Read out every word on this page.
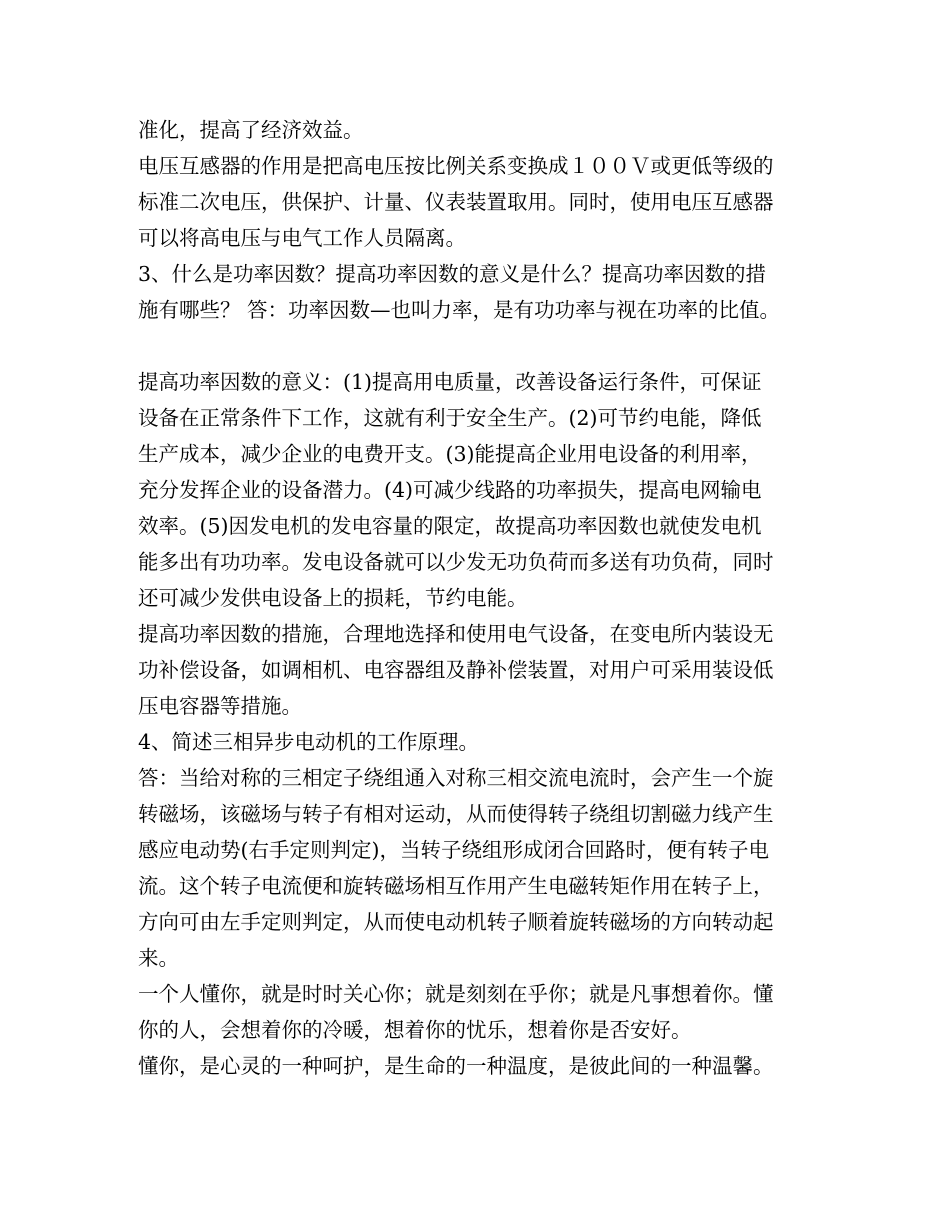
准化，提高了经济效益。
电压互感器的作用是把高电压按比例关系变换成１００Ｖ或更低等级的
标准二次电压，供保护、计量、仪表装置取用。同时，使用电压互感器
可以将高电压与电气工作人员隔离。
3、什么是功率因数？提高功率因数的意义是什么？提高功率因数的措
施有哪些？ 答：功率因数—也叫力率，是有功功率与视在功率的比值。
提高功率因数的意义：(1)提高用电质量，改善设备运行条件，可保证
设备在正常条件下工作，这就有利于安全生产。(2)可节约电能，降低
生产成本，减少企业的电费开支。(3)能提高企业用电设备的利用率，
充分发挥企业的设备潜力。(4)可减少线路的功率损失，提高电网输电
效率。(5)因发电机的发电容量的限定，故提高功率因数也就使发电机
能多出有功功率。发电设备就可以少发无功负荷而多送有功负荷，同时
还可减少发供电设备上的损耗，节约电能。
提高功率因数的措施，合理地选择和使用电气设备，在变电所内装设无
功补偿设备，如调相机、电容器组及静补偿装置，对用户可采用装设低
压电容器等措施。
4、简述三相异步电动机的工作原理。
答：当给对称的三相定子绕组通入对称三相交流电流时，会产生一个旋
转磁场，该磁场与转子有相对运动，从而使得转子绕组切割磁力线产生
感应电动势(右手定则判定)，当转子绕组形成闭合回路时，便有转子电
流。这个转子电流便和旋转磁场相互作用产生电磁转矩作用在转子上，
方向可由左手定则判定，从而使电动机转子顺着旋转磁场的方向转动起
来。
一个人懂你，就是时时关心你；就是刻刻在乎你；就是凡事想着你。懂
你的人，会想着你的冷暖，想着你的忧乐，想着你是否安好。
懂你，是心灵的一种呵护，是生命的一种温度，是彼此间的一种温馨。
